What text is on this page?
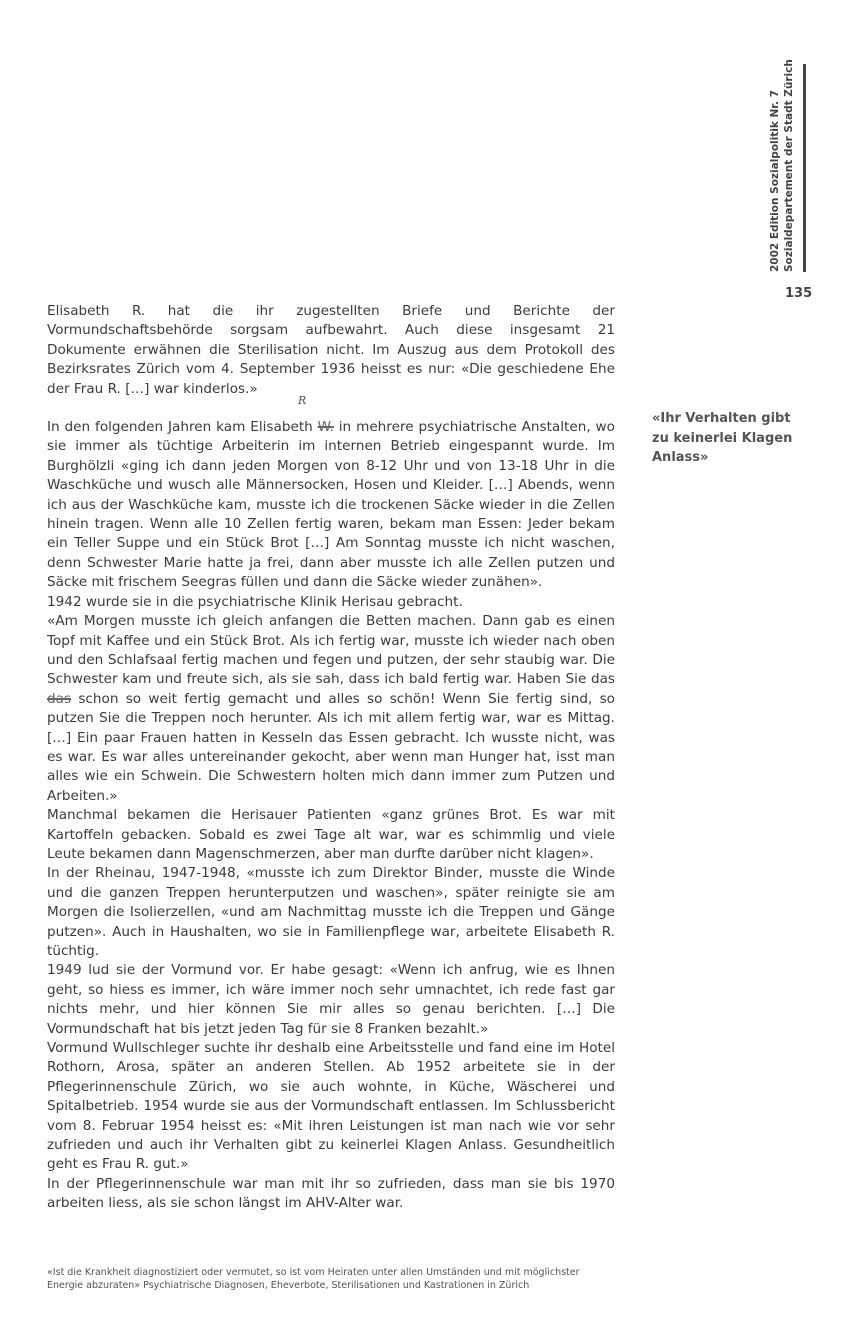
2002 Edition Sozialpolitik Nr. 7 Sozialdepartement der Stadt Zürich
135
R

Elisabeth R. hat die ihr zugestellten Briefe und Berichte der Vormundschaftsbehörde sorgsam aufbewahrt. Auch diese insgesamt 21 Dokumente erwähnen die Sterilisation nicht. Im Auszug aus dem Protokoll des Bezirksrates Zürich vom 4. September 1936 heisst es nur: «Die geschiedene Ehe der Frau R. […] war kinderlos.»

In den folgenden Jahren kam Elisabeth W. in mehrere psychiatrische Anstalten, wo sie immer als tüchtige Arbeiterin im internen Betrieb eingespannt wurde. Im Burghölzli «ging ich dann jeden Morgen von 8-12 Uhr und von 13-18 Uhr in die Waschküche und wusch alle Männersocken, Hosen und Kleider. […] Abends, wenn ich aus der Waschküche kam, musste ich die trockenen Säcke wieder in die Zellen hinein tragen. Wenn alle 10 Zellen fertig waren, bekam man Essen: Jeder bekam ein Teller Suppe und ein Stück Brot […] Am Sonntag musste ich nicht waschen, denn Schwester Marie hatte ja frei, dann aber musste ich alle Zellen putzen und Säcke mit frischem Seegras füllen und dann die Säcke wieder zunähen».

1942 wurde sie in die psychiatrische Klinik Herisau gebracht.

«Am Morgen musste ich gleich anfangen die Betten machen. Dann gab es einen Topf mit Kaffee und ein Stück Brot. Als ich fertig war, musste ich wieder nach oben und den Schlafsaal fertig machen und fegen und putzen, der sehr staubig war. Die Schwester kam und freute sich, als sie sah, dass ich bald fertig war. Haben Sie das das schon so weit fertig gemacht und alles so schön! Wenn Sie fertig sind, so putzen Sie die Treppen noch herunter. Als ich mit allem fertig war, war es Mittag. […] Ein paar Frauen hatten in Kesseln das Essen gebracht. Ich wusste nicht, was es war. Es war alles untereinander gekocht, aber wenn man Hunger hat, isst man alles wie ein Schwein. Die Schwestern holten mich dann immer zum Putzen und Arbeiten.»

Manchmal bekamen die Herisauer Patienten «ganz grünes Brot. Es war mit Kartoffeln gebacken. Sobald es zwei Tage alt war, war es schimmlig und viele Leute bekamen dann Magenschmerzen, aber man durfte darüber nicht klagen».

In der Rheinau, 1947-1948, «musste ich zum Direktor Binder, musste die Winde und die ganzen Treppen herunterputzen und waschen», später reinigte sie am Morgen die Isolierzellen, «und am Nachmittag musste ich die Treppen und Gänge putzen». Auch in Haushalten, wo sie in Familienpflege war, arbeitete Elisabeth R. tüchtig.

1949 lud sie der Vormund vor. Er habe gesagt: «Wenn ich anfrug, wie es Ihnen geht, so hiess es immer, ich wäre immer noch sehr umnachtet, ich rede fast gar nichts mehr, und hier können Sie mir alles so genau berichten. […] Die Vormundschaft hat bis jetzt jeden Tag für sie 8 Franken bezahlt.»

Vormund Wullschleger suchte ihr deshalb eine Arbeitsstelle und fand eine im Hotel Rothorn, Arosa, später an anderen Stellen. Ab 1952 arbeitete sie in der Pflegerinnenschule Zürich, wo sie auch wohnte, in Küche, Wäscherei und Spitalbetrieb. 1954 wurde sie aus der Vormundschaft entlassen. Im Schlussbericht vom 8. Februar 1954 heisst es: «Mit ihren Leistungen ist man nach wie vor sehr zufrieden und auch ihr Verhalten gibt zu keinerlei Klagen Anlass. Gesundheitlich geht es Frau R. gut.»

In der Pflegerinnenschule war man mit ihr so zufrieden, dass man sie bis 1970 arbeiten liess, als sie schon längst im AHV-Alter war.

«Ihr Verhalten gibt zu keinerlei Klagen Anlass»
«Ist die Krankheit diagnostiziert oder vermutet, so ist vom Heiraten unter allen Umständen und mit möglichster
Energie abzuraten» Psychiatrische Diagnosen, Eheverbote, Sterilisationen und Kastrationen in Zürich
